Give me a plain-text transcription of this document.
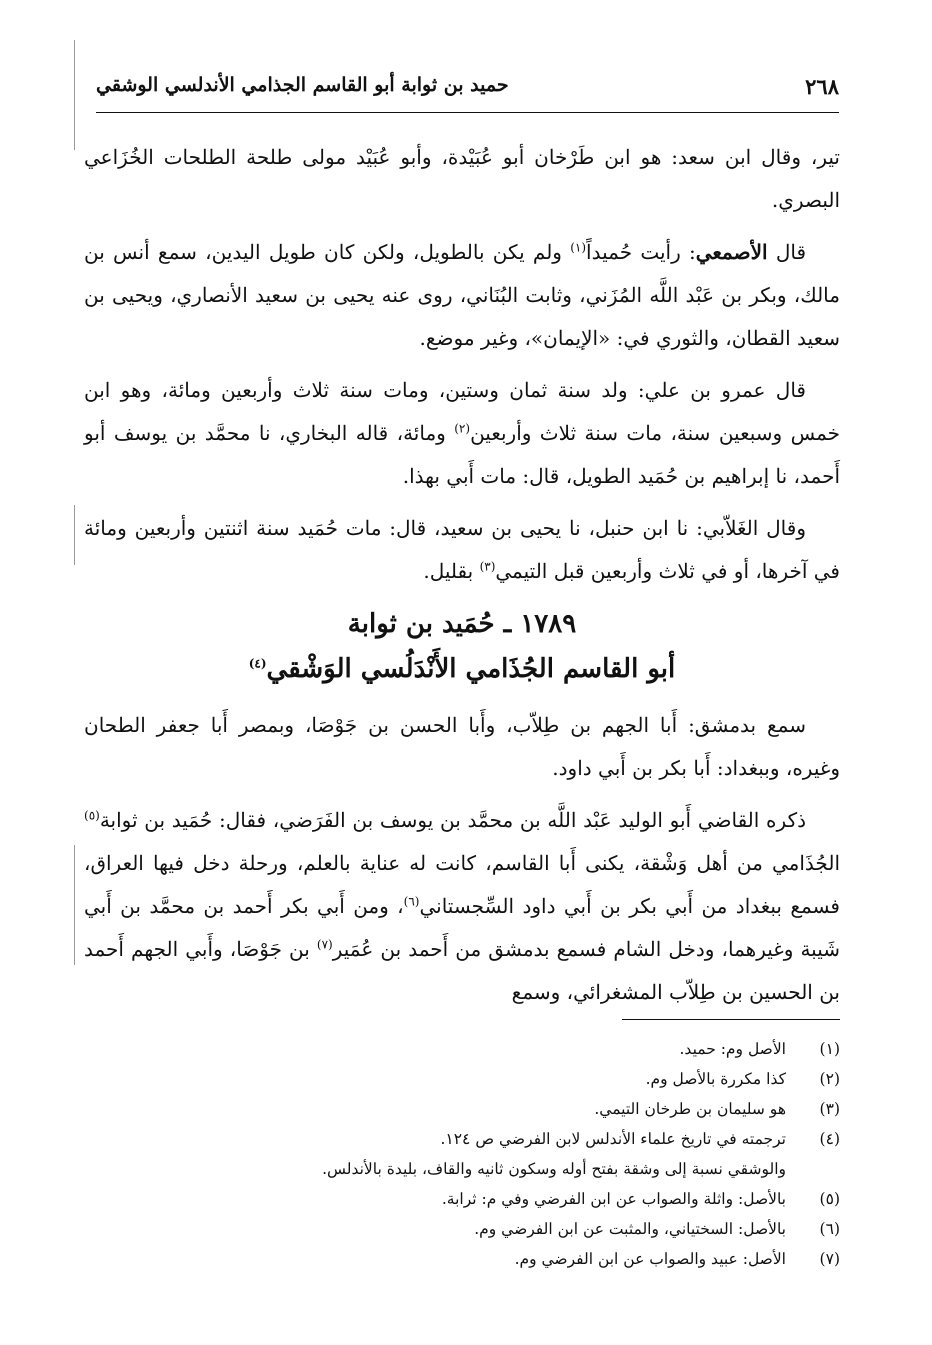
٢٦٨
حميد بن ثوابة أبو القاسم الجذامي الأندلسي الوشقي

تير، وقال ابن سعد: هو ابن طَرْخان أبو عُبَيْدة، وأبو عُبَيْد مولى طلحة الطلحات الخُزَاعي البصري.

قال الأصمعي: رأيت حُميداً$^{(١)}$ ولم يكن بالطويل، ولكن كان طويل اليدين، سمع أنس بن مالك، وبكر بن عَبْد اللَّه المُزَني، وثابت البُنَاني، روى عنه يحيى بن سعيد الأنصاري، ويحيى بن سعيد القطان، والثوري في: «الإيمان»، وغير موضع.

قال عمرو بن علي: ولد سنة ثمان وستين، ومات سنة ثلاث وأربعين ومائة، وهو ابن خمس وسبعين سنة، مات سنة ثلاث وأربعين$^{(٢)}$ ومائة، قاله البخاري، نا محمَّد بن يوسف أبو أَحمد، نا إبراهيم بن حُمَيد الطويل، قال: مات أَبي بهذا.

وقال الغَلاّبي: نا ابن حنبل، نا يحيى بن سعيد، قال: مات حُمَيد سنة اثنتين وأربعين ومائة في آخرها، أو في ثلاث وأربعين قبل التيمي$^{(٣)}$ بقليل.

١٧٨٩ ـ حُمَيد بن ثوابة
أبو القاسم الجُذَامي الأَنْدَلُسي الوَشْقي$^{(٤)}$

سمع بدمشق: أَبا الجهم بن طِلاّب، وأَبا الحسن بن جَوْصَا، وبمصر أَبا جعفر الطحان وغيره، وببغداد: أَبا بكر بن أَبي داود.

ذكره القاضي أَبو الوليد عَبْد اللَّه بن محمَّد بن يوسف بن الفَرَضي، فقال: حُمَيد بن ثوابة$^{(٥)}$ الجُذَامي من أهل وَشْقة، يكنى أَبا القاسم، كانت له عناية بالعلم، ورحلة دخل فيها العراق، فسمع ببغداد من أَبي بكر بن أَبي داود السِّجستاني$^{(٦)}$، ومن أَبي بكر أَحمد بن محمَّد بن أَبي شَيبة وغيرهما، ودخل الشام فسمع بدمشق من أَحمد بن عُمَير$^{(٧)}$ بن جَوْصَا، وأَبي الجهم أَحمد بن الحسين بن طِلاّب المشغرائي، وسمع

(١)
الأصل وم: حميد.
(٢)
كذا مكررة بالأصل وم.
(٣)
هو سليمان بن طرخان التيمي.
(٤)
ترجمته في تاريخ علماء الأندلس لابن الفرضي ص ١٢٤.
والوشقي نسبة إلى وشقة بفتح أوله وسكون ثانيه والقاف، بليدة بالأندلس.
(٥)
بالأصل: واثلة والصواب عن ابن الفرضي وفي م: ثرابة.
(٦)
بالأصل: السختياني، والمثبت عن ابن الفرضي وم.
(٧)
الأصل: عبيد والصواب عن ابن الفرضي وم.
